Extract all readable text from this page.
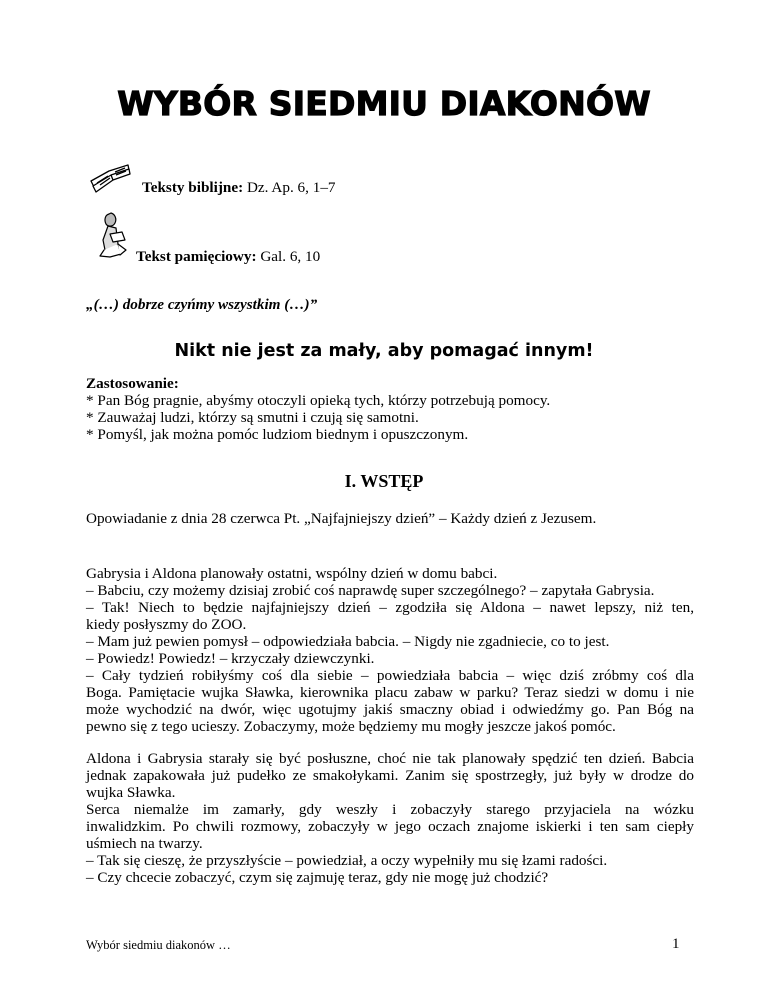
WYBÓR SIEDMIU DIAKONÓW
Teksty biblijne: Dz. Ap. 6, 1–7
Tekst pamięciowy: Gal. 6, 10
„(…) dobrze czyńmy wszystkim (…)”
Nikt nie jest za mały, aby pomagać innym!
Zastosowanie:
* Pan Bóg pragnie, abyśmy otoczyli opieką tych, którzy potrzebują pomocy.
* Zauważaj ludzi, którzy są smutni i czują się samotni.
* Pomyśl, jak można pomóc ludziom biednym i opuszczonym.
I. WSTĘP
Opowiadanie z dnia 28 czerwca Pt. „Najfajniejszy dzień” – Każdy dzień z Jezusem.
Gabrysia i Aldona planowały ostatni, wspólny dzień w domu babci.
– Babciu, czy możemy dzisiaj zrobić coś naprawdę super szczególnego? – zapytała Gabrysia.
– Tak! Niech to będzie najfajniejszy dzień – zgodziła się Aldona – nawet lepszy, niż ten,
kiedy posłyszmy do ZOO.
– Mam już pewien pomysł – odpowiedziała babcia. – Nigdy nie zgadniecie, co to jest.
– Powiedz! Powiedz! – krzyczały dziewczynki.
– Cały tydzień robiłyśmy coś dla siebie – powiedziała babcia – więc dziś zróbmy coś dla
Boga. Pamiętacie wujka Sławka, kierownika placu zabaw w parku? Teraz siedzi w domu i nie
może wychodzić na dwór, więc ugotujmy jakiś smaczny obiad i odwiedźmy go. Pan Bóg na
pewno się z tego ucieszy. Zobaczymy, może będziemy mu mogły jeszcze jakoś pomóc.
Aldona i Gabrysia starały się być posłuszne, choć nie tak planowały spędzić ten dzień. Babcia
jednak zapakowała już pudełko ze smakołykami. Zanim się spostrzegły, już były w drodze do
wujka Sławka.
Serca niemalże im zamarły, gdy weszły i zobaczyły starego przyjaciela na wózku
inwalidzkim. Po chwili rozmowy, zobaczyły w jego oczach znajome iskierki i ten sam ciepły
uśmiech na twarzy.
– Tak się cieszę, że przyszłyście – powiedział, a oczy wypełniły mu się łzami radości.
– Czy chcecie zobaczyć, czym się zajmuję teraz, gdy nie mogę już chodzić?
Wybór siedmiu diakonów …	1
